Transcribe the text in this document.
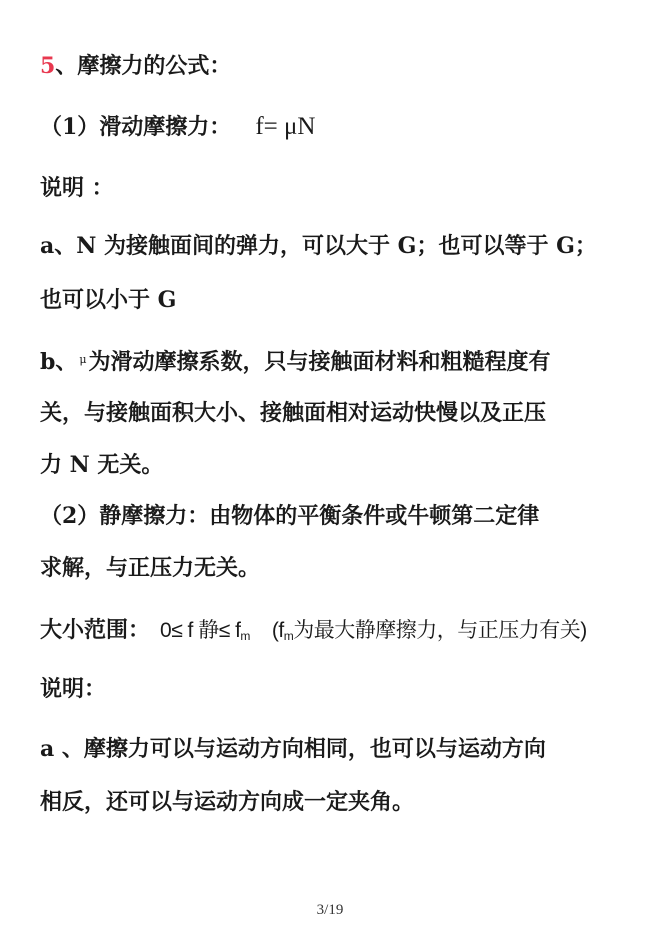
5、摩擦力的公式：
（1）滑动摩擦力： f= μN
说明 ：
a、N 为接触面间的弹力，可以大于 G；也可以等于 G；
也可以小于 G
b、 $^\mu$为滑动摩擦系数，只与接触面材料和粗糙程度有
关，与接触面积大小、接触面相对运动快慢以及正压
力 N 无关。
（2）静摩擦力：由物体的平衡条件或牛顿第二定律
求解，与正压力无关。
大小范围： 0≤ f 静≤ $f_m$ ($f_m$为最大静摩擦力，与正压力有关)
说明：
a 、摩擦力可以与运动方向相同，也可以与运动方向
相反，还可以与运动方向成一定夹角。
3/19
